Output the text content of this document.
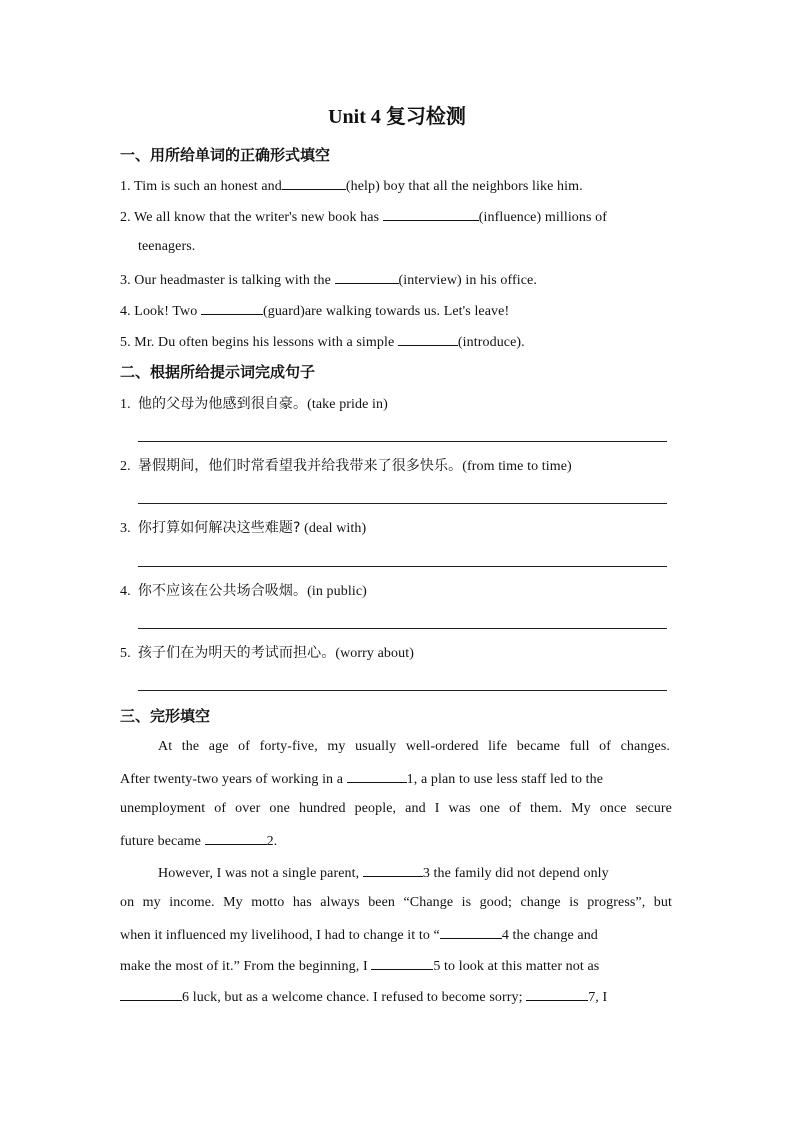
Unit 4 复习检测
一、用所给单词的正确形式填空
1. Tim is such an honest and	(help) boy that all the neighbors like him.
2. We all know that the writer's new book has	(influence) millions of
teenagers.
3. Our headmaster is talking with the	(interview) in his office.
4. Look! Two	(guard)are walking towards us. Let's leave!
5. Mr. Du often begins his lessons with a simple	(introduce).
二、根据所给提示词完成句子
1. 他的父母为他感到很自豪。(take pride in)
2. 暑假期间，他们时常看望我并给我带来了很多快乐。(from time to time)
3. 你打算如何解决这些难题? (deal with)
4. 你不应该在公共场合吸烟。(in public)
5. 孩子们在为明天的考试而担心。(worry about)
三、完形填空
At the age of forty-five, my usually well-ordered life became full of changes.
After twenty-two years of working in a	1, a plan to use less staff led to the
unemployment of over one hundred people, and I was one of them. My once secure
future became	2.
However, I was not a single parent,	3 the family did not depend only
on my income. My motto has always been “Change is good; change is progress”, but
when it influenced my livelihood, I had to change it to “	4 the change and
make the most of it.” From the beginning, I	5 to look at this matter not as
6 luck, but as a welcome chance. I refused to become sorry;	7, I
